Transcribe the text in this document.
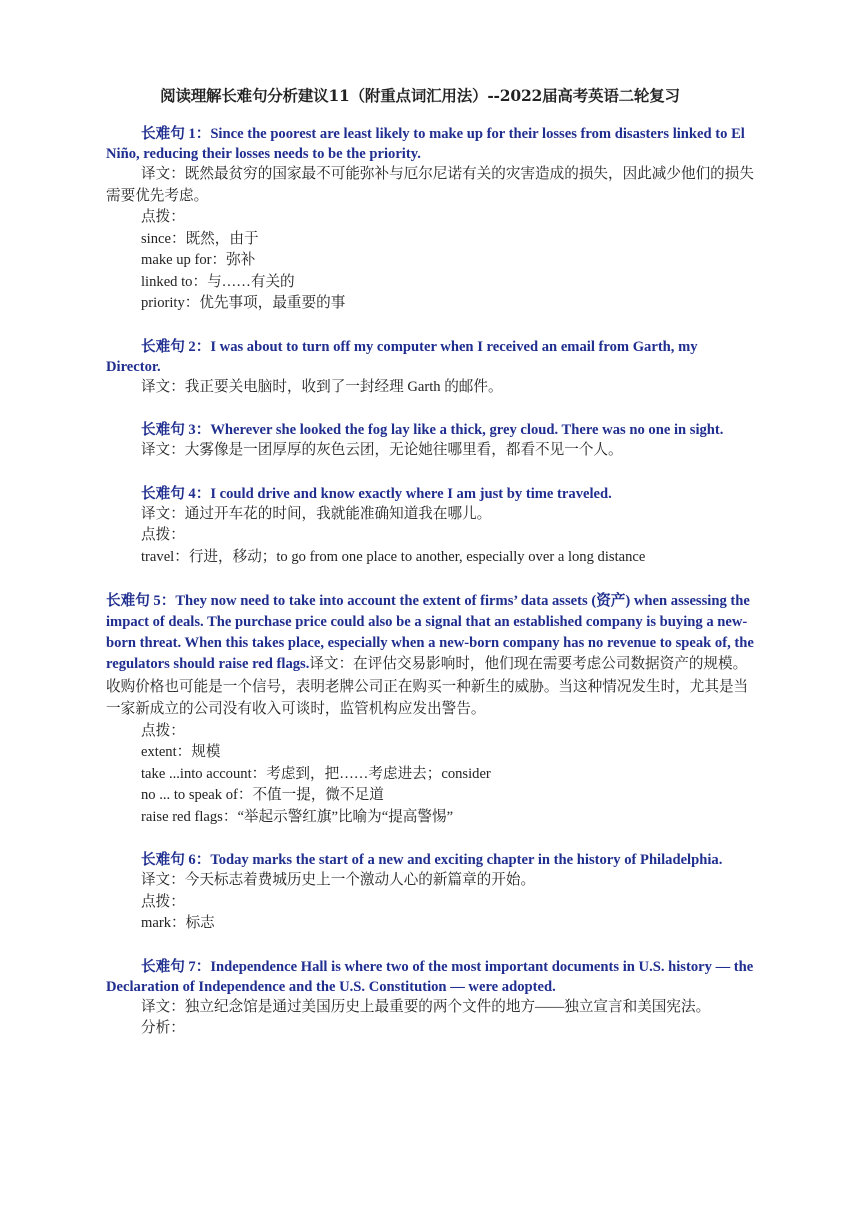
阅读理解长难句分析建议11（附重点词汇用法）--2022届高考英语二轮复习

长难句 1：Since the poorest are least likely to make up for their losses from disasters linked to El Niño, reducing their losses needs to be the priority.

译文：既然最贫穷的国家最不可能弥补与厄尔尼诺有关的灾害造成的损失，因此减少他们的损失需要优先考虑。

点拨：

since：既然，由于

make up for：弥补

linked to：与……有关的

priority：优先事项，最重要的事

长难句 2：I was about to turn off my computer when I received an email from Garth, my Director.

译文：我正要关电脑时，收到了一封经理 Garth 的邮件。

长难句 3：Wherever she looked the fog lay like a thick, grey cloud. There was no one in sight.

译文：大雾像是一团厚厚的灰色云团，无论她往哪里看，都看不见一个人。

长难句 4：I could drive and know exactly where I am just by time traveled.

译文：通过开车花的时间，我就能准确知道我在哪儿。

点拨：

travel：行进，移动；to go from one place to another, especially over a long distance

长难句 5：They now need to take into account the extent of firms’ data assets (资产) when assessing the impact of deals. The purchase price could also be a signal that an established company is buying a new-born threat. When this takes place, especially when a new-born company has no revenue to speak of, the regulators should raise red flags.

译文：在评估交易影响时，他们现在需要考虑公司数据资产的规模。收购价格也可能是一个信号，表明老牌公司正在购买一种新生的威胁。当这种情况发生时，尤其是当一家新成立的公司没有收入可谈时，监管机构应发出警告。

点拨：

extent：规模

take ...into account：考虑到，把……考虑进去；consider

no ... to speak of：不值一提，微不足道

raise red flags：“举起示警红旗”比喻为“提高警惕”

长难句 6：Today marks the start of a new and exciting chapter in the history of Philadelphia.

译文：今天标志着费城历史上一个激动人心的新篇章的开始。

点拨：

mark：标志

长难句 7：Independence Hall is where two of the most important documents in U.S. history — the Declaration of Independence and the U.S. Constitution — were adopted.

译文：独立纪念馆是通过美国历史上最重要的两个文件的地方——独立宣言和美国宪法。

分析：
